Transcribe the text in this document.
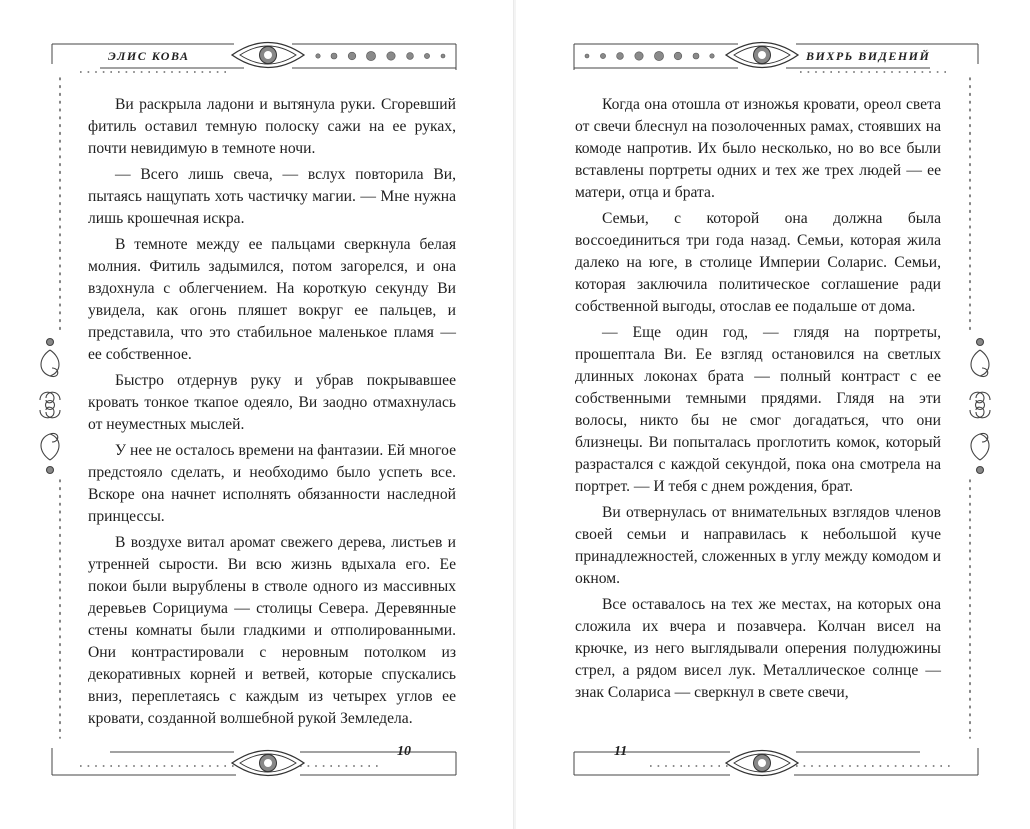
ЭЛИС КОВА
10

Ви раскрыла ладони и вытянула руки. Сгоревший фитиль оставил темную полоску сажи на ее руках, почти невидимую в темноте ночи.

— Всего лишь свеча, — вслух повторила Ви, пытаясь нащупать хоть частичку магии. — Мне нужна лишь крошечная искра.

В темноте между ее пальцами сверкнула белая молния. Фитиль задымился, потом загорелся, и она вздохнула с облегчением. На короткую секунду Ви увидела, как огонь пляшет вокруг ее пальцев, и представила, что это стабильное маленькое пламя — ее собственное.

Быстро отдернув руку и убрав покрывавшее кровать тонкое ткапое одеяло, Ви заодно отмахнулась от неуместных мыслей.

У нее не осталось времени на фантазии. Ей многое предстояло сделать, и необходимо было успеть все. Вскоре она начнет исполнять обязанности наследной принцессы.

В воздухе витал аромат свежего дерева, листьев и утренней сырости. Ви всю жизнь вдыхала его. Ее покои были вырублены в стволе одного из массивных деревьев Сорициума — столицы Севера. Деревянные стены комнаты были гладкими и отполированными. Они контрастировали с неровным потолком из декоративных корней и ветвей, которые спускались вниз, переплетаясь с каждым из четырех углов ее кровати, созданной волшебной рукой Земледела.

ВИХРЬ ВИДЕНИЙ
11

Когда она отошла от изножья кровати, ореол света от свечи блеснул на позолоченных рамах, стоявших на комоде напротив. Их было несколько, но во все были вставлены портреты одних и тех же трех людей — ее матери, отца и брата.

Семьи, с которой она должна была воссоединиться три года назад. Семьи, которая жила далеко на юге, в столице Империи Соларис. Семьи, которая заключила политическое соглашение ради собственной выгоды, отослав ее подальше от дома.

— Еще один год, — глядя на портреты, прошептала Ви. Ее взгляд остановился на светлых длинных локонах брата — полный контраст с ее собственными темными прядями. Глядя на эти волосы, никто бы не смог догадаться, что они близнецы. Ви попыталась проглотить комок, который разрастался с каждой секундой, пока она смотрела на портрет. — И тебя с днем рождения, брат.

Ви отвернулась от внимательных взглядов членов своей семьи и направилась к небольшой куче принадлежностей, сложенных в углу между комодом и окном.

Все оставалось на тех же местах, на которых она сложила их вчера и позавчера. Колчан висел на крючке, из него выглядывали оперения полудюжины стрел, а рядом висел лук. Металлическое солнце — знак Солариса — сверкнул в свете свечи,
